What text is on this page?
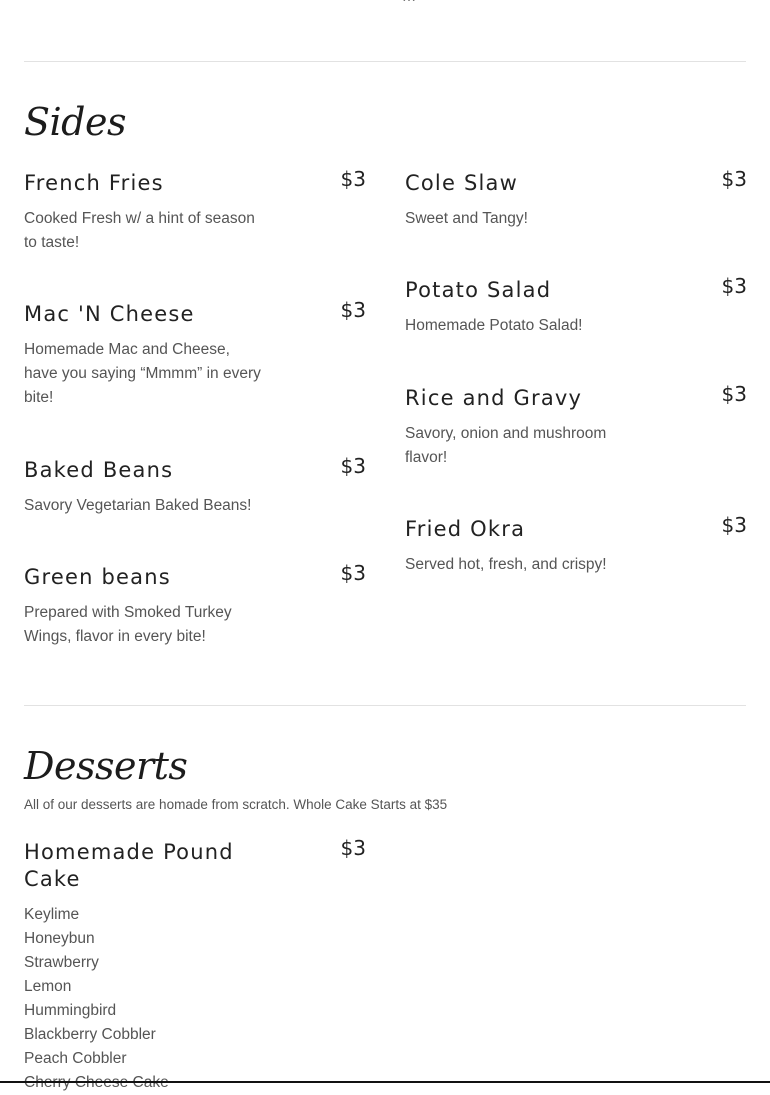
Sides
French Fries	$3
Cooked Fresh w/ a hint of season to taste!
Mac 'N Cheese	$3
Homemade Mac and Cheese, have you saying “Mmmm” in every bite!
Baked Beans	$3
Savory Vegetarian Baked Beans!
Green beans	$3
Prepared with Smoked Turkey Wings, flavor in every bite!
Cole Slaw	$3
Sweet and Tangy!
Potato Salad	$3
Homemade Potato Salad!
Rice and Gravy	$3
Savory, onion and mushroom flavor!
Fried Okra	$3
Served hot, fresh, and crispy!
Desserts
All of our desserts are homade from scratch. Whole Cake Starts at $35
Homemade Pound Cake
$3
Keylime
Honeybun
Strawberry
Lemon
Hummingbird
Blackberry Cobbler
Peach Cobbler
